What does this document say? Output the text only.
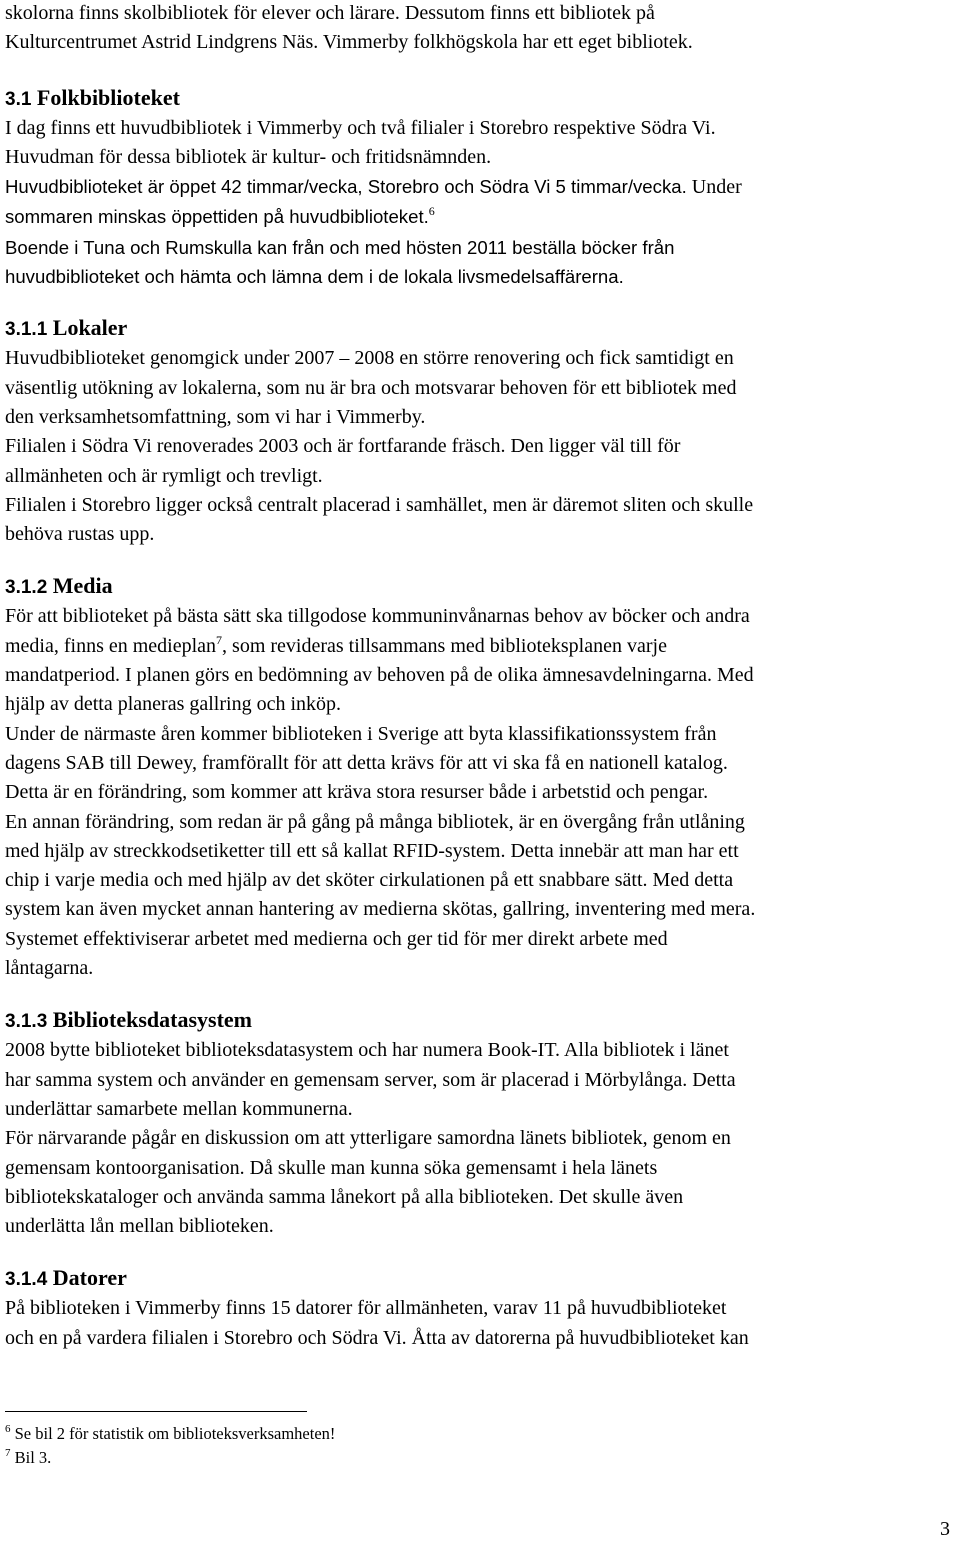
skolorna finns skolbibliotek för elever och lärare. Dessutom finns ett bibliotek på

Kulturcentrumet Astrid Lindgrens Näs. Vimmerby folkhögskola har ett eget bibliotek.

3.1 Folkbiblioteket

I dag finns ett huvudbibliotek i Vimmerby och två filialer i Storebro respektive Södra Vi.

Huvudman för dessa bibliotek är kultur- och fritidsnämnden.

Huvudbiblioteket är öppet 42 timmar/vecka, Storebro och Södra Vi 5 timmar/vecka. Under

sommaren minskas öppettiden på huvudbiblioteket.$^6$

Boende i Tuna och Rumskulla kan från och med hösten 2011 beställa böcker från

huvudbiblioteket och hämta och lämna dem i de lokala livsmedelsaffärerna.

3.1.1 Lokaler

Huvudbiblioteket genomgick under 2007 – 2008 en större renovering och fick samtidigt en

väsentlig utökning av lokalerna, som nu är bra och motsvarar behoven för ett bibliotek med

den verksamhetsomfattning, som vi har i Vimmerby.

Filialen i Södra Vi renoverades 2003 och är fortfarande fräsch. Den ligger väl till för

allmänheten och är rymligt och trevligt.

Filialen i Storebro ligger också centralt placerad i samhället, men är däremot sliten och skulle

behöva rustas upp.

3.1.2 Media

För att biblioteket på bästa sätt ska tillgodose kommuninvånarnas behov av böcker och andra

media, finns en medieplan$^7$, som revideras tillsammans med biblioteksplanen varje

mandatperiod. I planen görs en bedömning av behoven på de olika ämnesavdelningarna. Med

hjälp av detta planeras gallring och inköp.

Under de närmaste åren kommer biblioteken i Sverige att byta klassifikationssystem från

dagens SAB till Dewey, framförallt för att detta krävs för att vi ska få en nationell katalog.

Detta är en förändring, som kommer att kräva stora resurser både i arbetstid och pengar.

En annan förändring, som redan är på gång på många bibliotek, är en övergång från utlåning

med hjälp av streckkodsetiketter till ett så kallat RFID-system. Detta innebär att man har ett

chip i varje media och med hjälp av det sköter cirkulationen på ett snabbare sätt. Med detta

system kan även mycket annan hantering av medierna skötas, gallring, inventering med mera.

Systemet effektiviserar arbetet med medierna och ger tid för mer direkt arbete med

låntagarna.

3.1.3 Biblioteksdatasystem

2008 bytte biblioteket biblioteksdatasystem och har numera Book-IT. Alla bibliotek i länet

har samma system och använder en gemensam server, som är placerad i Mörbylånga. Detta

underlättar samarbete mellan kommunerna.

För närvarande pågår en diskussion om att ytterligare samordna länets bibliotek, genom en

gemensam kontoorganisation. Då skulle man kunna söka gemensamt i hela länets

bibliotekskataloger och använda samma lånekort på alla biblioteken. Det skulle även

underlätta lån mellan biblioteken.

3.1.4 Datorer

På biblioteken i Vimmerby finns 15 datorer för allmänheten, varav 11 på huvudbiblioteket

och en på vardera filialen i Storebro och Södra Vi. Åtta av datorerna på huvudbiblioteket kan

$^6$ Se bil 2 för statistik om biblioteksverksamheten!

$^7$ Bil 3.

3
